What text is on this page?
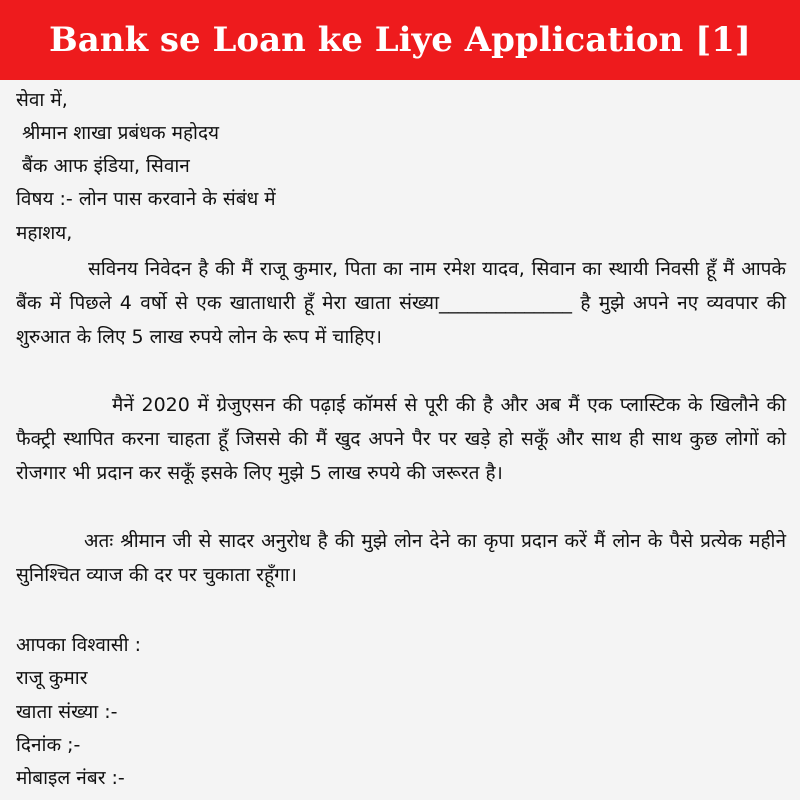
Bank se Loan ke Liye Application [1]
सेवा में,
श्रीमान शाखा प्रबंधक महोदय
बैंक आफ इंडिया, सिवान
विषय :- लोन पास करवाने के संबंध में
महाशय,
सविनय निवेदन है की मैं राजू कुमार, पिता का नाम रमेश यादव, सिवान का स्थायी निवसी हूँ मैं आपके बैंक में पिछले 4 वर्षो से एक खाताधारी हूँ मेरा खाता संख्या______________ है मुझे अपने नए व्यवपार की शुरुआत के लिए 5 लाख रुपये लोन के रूप में चाहिए।
मैनें 2020 में ग्रेजुएसन की पढ़ाई कॉमर्स से पूरी की है और अब मैं एक प्लास्टिक के खिलौने की फैक्ट्री स्थापित करना चाहता हूँ जिससे की मैं खुद अपने पैर पर खड़े हो सकूँ और साथ ही साथ कुछ लोगों को रोजगार भी प्रदान कर सकूँ इसके लिए मुझे 5 लाख रुपये की जरूरत है।
अतः श्रीमान जी से सादर अनुरोध है की मुझे लोन देने का कृपा प्रदान करें मैं लोन के पैसे प्रत्येक महीने सुनिश्चित व्याज की दर पर चुकाता रहूँगा।
आपका विश्वासी :
राजू कुमार
खाता संख्या :-
दिनांक ;-
मोबाइल नंबर :-
